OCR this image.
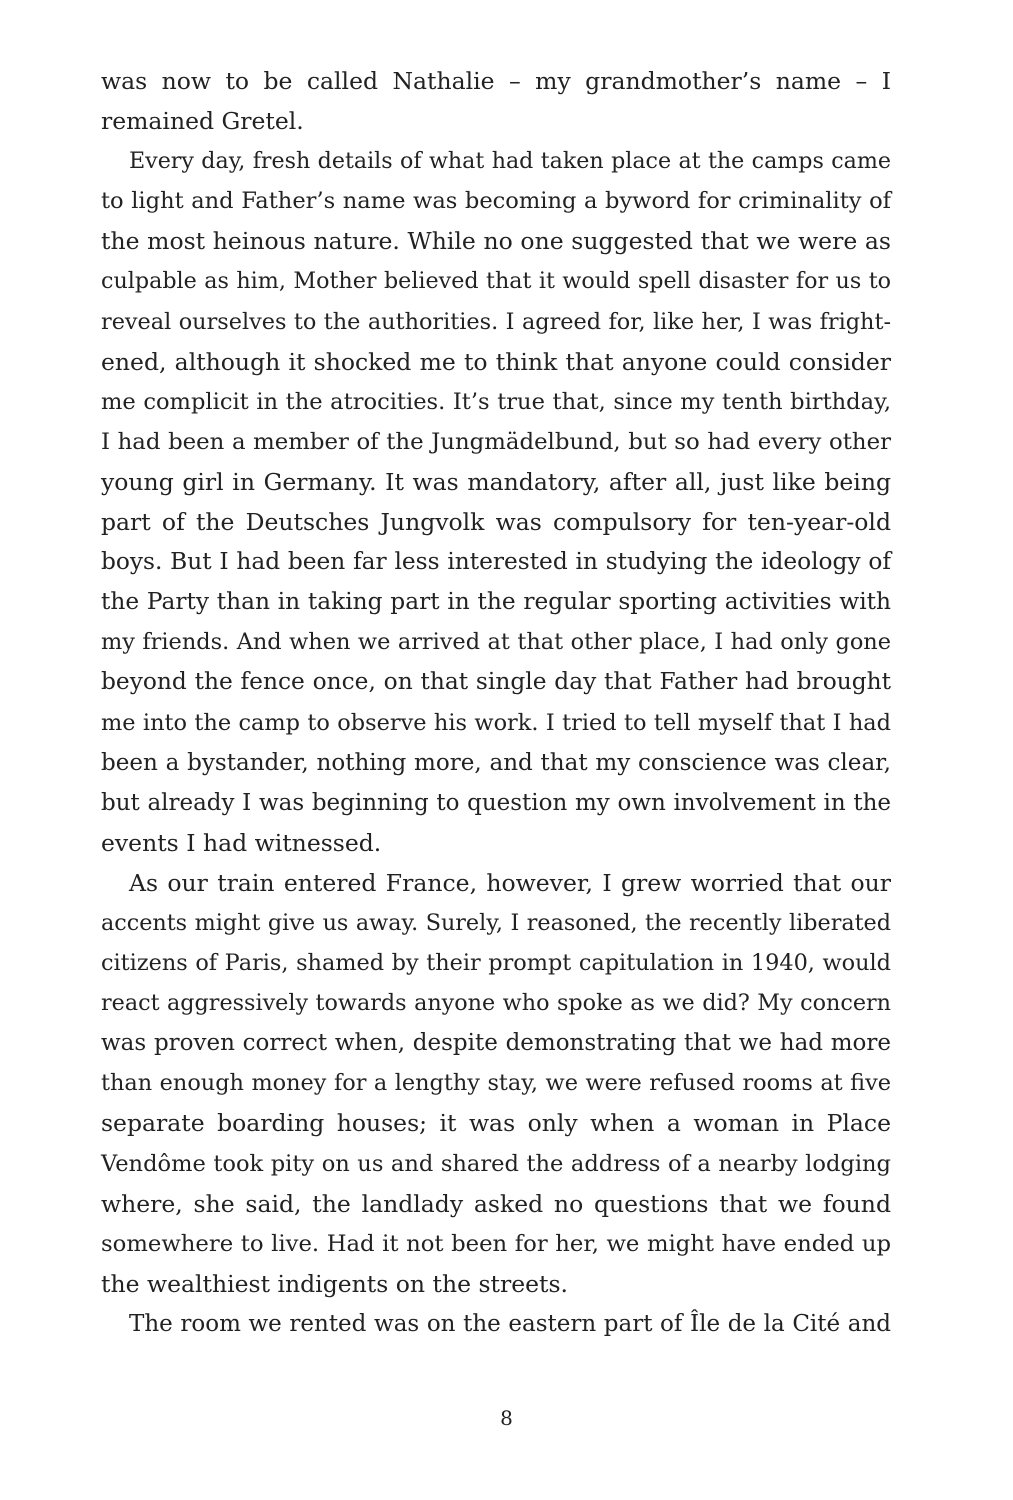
was now to be called Nathalie – my grandmother’s name – I
remained Gretel.
Every day, fresh details of what had taken place at the camps came
to light and Father’s name was becoming a byword for criminality of
the most heinous nature. While no one suggested that we were as
culpable as him, Mother believed that it would spell disaster for us to
reveal ourselves to the authorities. I agreed for, like her, I was fright-
ened, although it shocked me to think that anyone could consider
me complicit in the atrocities. It’s true that, since my tenth birthday,
I had been a member of the Jungmädelbund, but so had every other
young girl in Germany. It was mandatory, after all, just like being
part of the Deutsches Jungvolk was compulsory for ten-year-old
boys. But I had been far less interested in studying the ideology of
the Party than in taking part in the regular sporting activities with
my friends. And when we arrived at that other place, I had only gone
beyond the fence once, on that single day that Father had brought
me into the camp to observe his work. I tried to tell myself that I had
been a bystander, nothing more, and that my conscience was clear,
but already I was beginning to question my own involvement in the
events I had witnessed.
As our train entered France, however, I grew worried that our
accents might give us away. Surely, I reasoned, the recently liberated
citizens of Paris, shamed by their prompt capitulation in 1940, would
react aggressively towards anyone who spoke as we did? My concern
was proven correct when, despite demonstrating that we had more
than enough money for a lengthy stay, we were refused rooms at five
separate boarding houses; it was only when a woman in Place
Vendôme took pity on us and shared the address of a nearby lodging
where, she said, the landlady asked no questions that we found
somewhere to live. Had it not been for her, we might have ended up
the wealthiest indigents on the streets.
The room we rented was on the eastern part of Île de la Cité and
8
